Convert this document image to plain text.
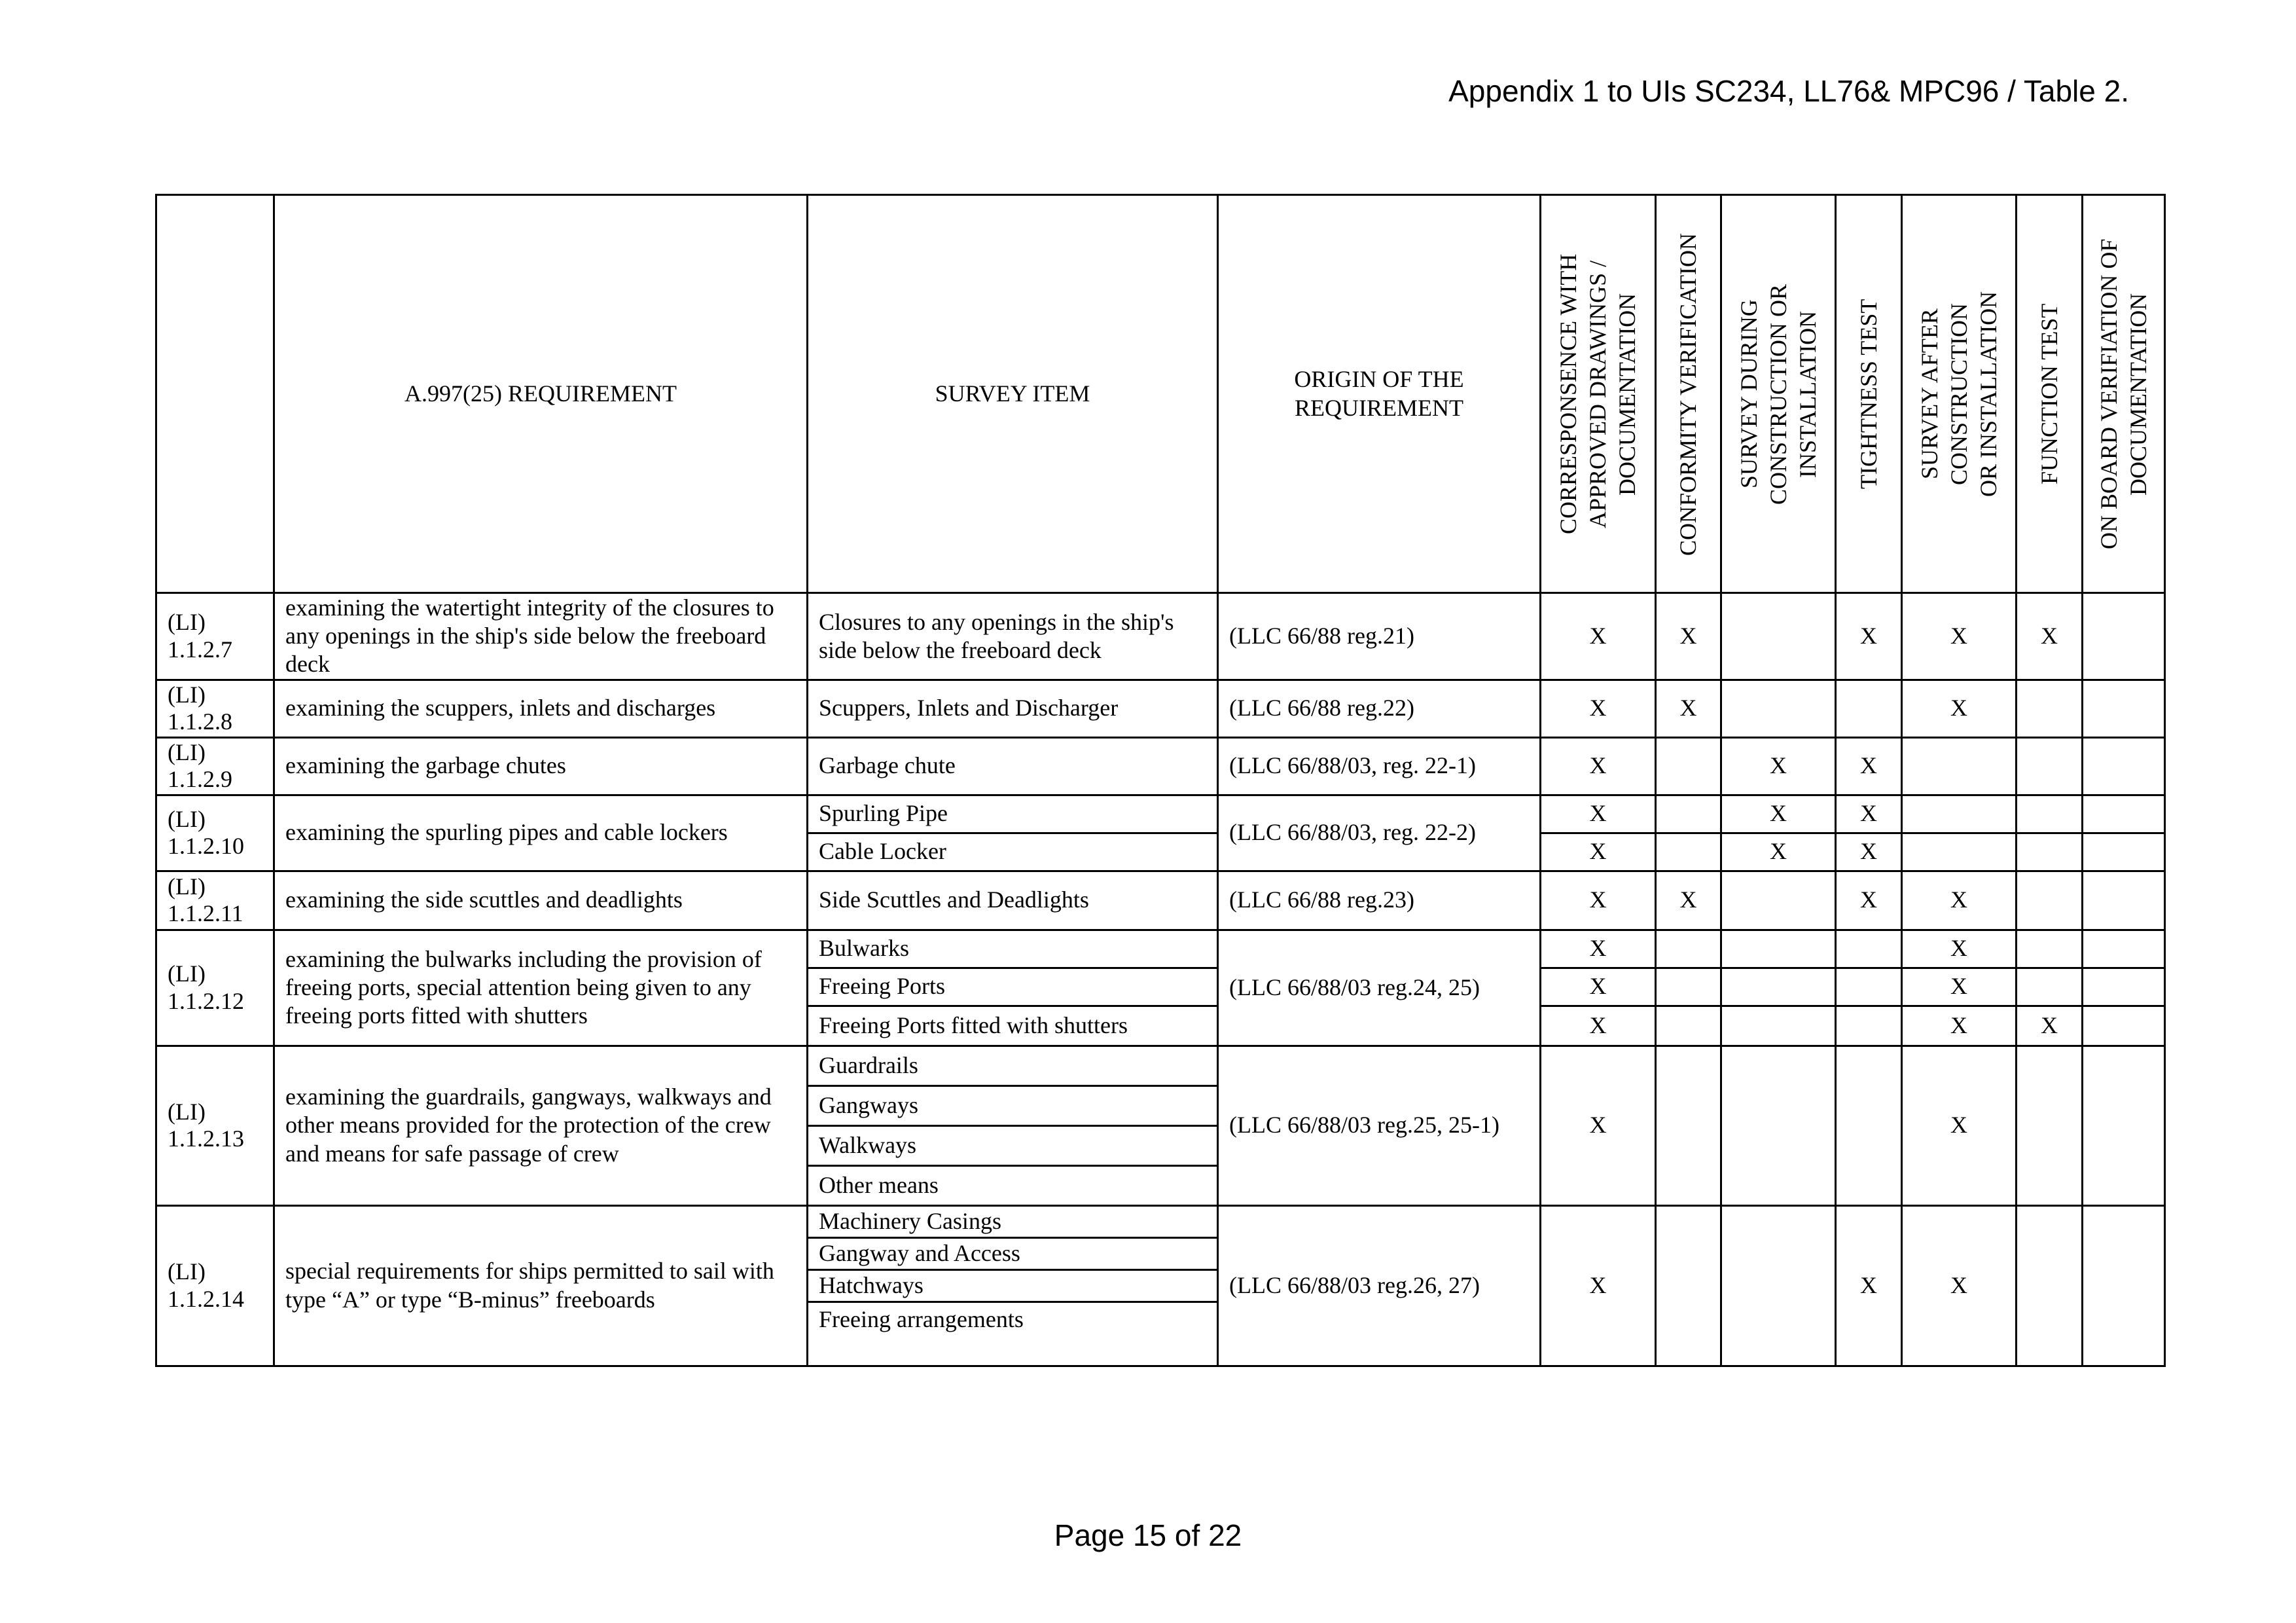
Appendix 1 to UIs SC234, LL76& MPC96 / Table 2.
	A.997(25) REQUIREMENT	SURVEY ITEM	ORIGIN OF THE REQUIREMENT	CORRESPONSENCE WITH APPROVED DRAWINGS / DOCUMENTATION	CONFORMITY VERIFICATION	SURVEY DURING CONSTRUCTION OR INSTALLATION	TIGHTNESS TEST	SURVEY AFTER CONSTRUCTION OR INSTALLATION	FUNCTION TEST	ON BOARD VERIFIATION OF DOCUMENTATION

(LI) 1.1.2.7	examining the watertight integrity of the closures to any openings in the ship's side below the freeboard deck	Closures to any openings in the ship's side below the freeboard deck	(LLC 66/88 reg.21)	X	X		X	X	X	
(LI) 1.1.2.8	examining the scuppers, inlets and discharges	Scuppers, Inlets and Discharger	(LLC 66/88 reg.22)	X	X			X		
(LI) 1.1.2.9	examining the garbage chutes	Garbage chute	(LLC 66/88/03, reg. 22-1)	X		X	X			
(LI) 1.1.2.10	examining the spurling pipes and cable lockers	Spurling Pipe	(LLC 66/88/03, reg. 22-2)	X		X	X			
		Cable Locker		X		X	X			
(LI) 1.1.2.11	examining the side scuttles and deadlights	Side Scuttles and Deadlights	(LLC 66/88 reg.23)	X	X		X	X		
(LI) 1.1.2.12	examining the bulwarks including the provision of freeing ports, special attention being given to any freeing ports fitted with shutters	Bulwarks	(LLC 66/88/03 reg.24, 25)	X				X		
		Freeing Ports		X				X		
		Freeing Ports fitted with shutters		X				X	X	
(LI) 1.1.2.13	examining the guardrails, gangways, walkways and other means provided for the protection of the crew and means for safe passage of crew	Guardrails	(LLC 66/88/03 reg.25, 25-1)	X				X		
		Gangways								
		Walkways								
		Other means								
(LI) 1.1.2.14	special requirements for ships permitted to sail with type “A” or type “B-minus” freeboards	Machinery Casings	(LLC 66/88/03 reg.26, 27)	X			X	X		
		Gangway and Access								
		Hatchways								
		Freeing arrangements								
Page 15 of 22
